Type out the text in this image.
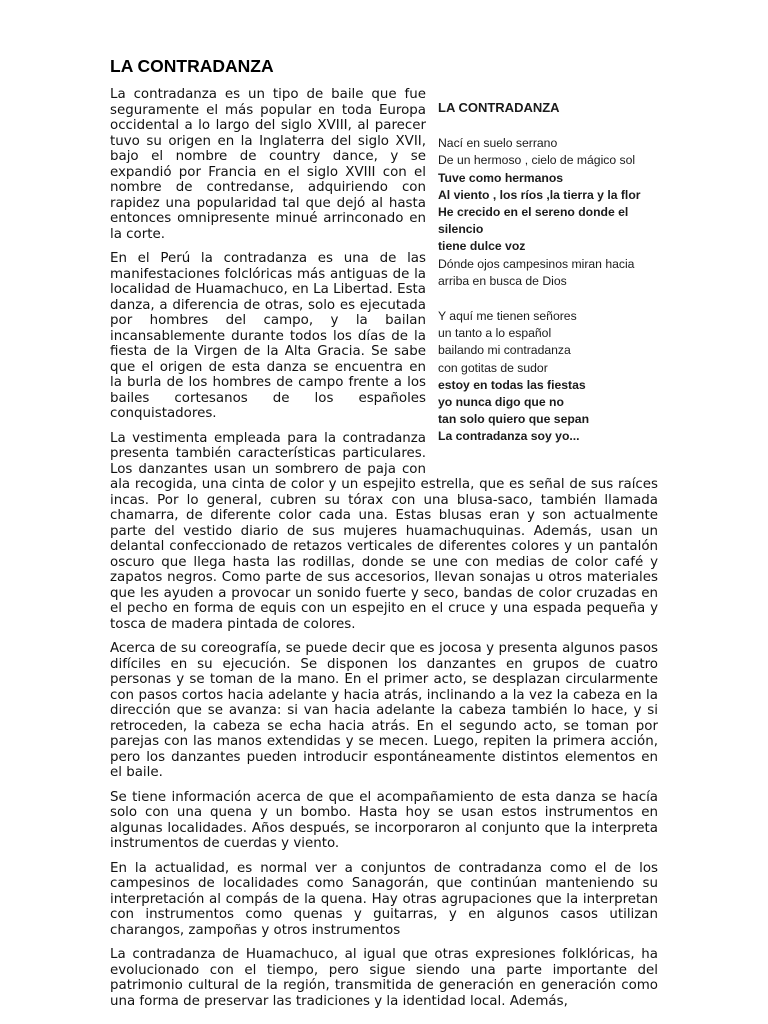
LA CONTRADANZA
LA CONTRADANZA
Nací en suelo serrano
De un hermoso , cielo de mágico sol
Tuve como hermanos
Al viento , los ríos ,la tierra y la flor
He crecido en el sereno donde el
silencio
tiene dulce voz
Dónde ojos campesinos miran hacia
arriba en busca de Dios
Y aquí me tienen señores
un tanto a lo español
bailando mi contradanza
con gotitas de sudor
estoy en todas las fiestas
yo nunca digo que no
tan solo quiero que sepan
La contradanza soy yo...

La contradanza es un tipo de baile que fue seguramente el más popular en toda Europa occidental a lo largo del siglo XVIII, al parecer tuvo su origen en la Inglaterra del siglo XVII, bajo el nombre de country dance, y se expandió por Francia en el siglo XVIII con el nombre de contredanse, adquiriendo con rapidez una popularidad tal que dejó al hasta entonces omnipresente minué arrinconado en la corte.

En el Perú la contradanza es una de las manifestaciones folclóricas más antiguas de la localidad de Huamachuco, en La Libertad. Esta danza, a diferencia de otras, solo es ejecutada por hombres del campo, y la bailan incansablemente durante todos los días de la fiesta de la Virgen de la Alta Gracia. Se sabe que el origen de esta danza se encuentra en la burla de los hombres de campo frente a los bailes cortesanos de los españoles conquistadores.

La vestimenta empleada para la contradanza presenta también características particulares. Los danzantes usan un sombrero de paja con ala recogida, una cinta de color y un espejito estrella, que es señal de sus raíces incas. Por lo general, cubren su tórax con una blusa-saco, también llamada chamarra, de diferente color cada una. Estas blusas eran y son actualmente parte del vestido diario de sus mujeres huamachuquinas. Además, usan un delantal confeccionado de retazos verticales de diferentes colores y un pantalón oscuro que llega hasta las rodillas, donde se une con medias de color café y zapatos negros. Como parte de sus accesorios, llevan sonajas u otros materiales que les ayuden a provocar un sonido fuerte y seco, bandas de color cruzadas en el pecho en forma de equis con un espejito en el cruce y una espada pequeña y tosca de madera pintada de colores.

Acerca de su coreografía, se puede decir que es jocosa y presenta algunos pasos difíciles en su ejecución. Se disponen los danzantes en grupos de cuatro personas y se toman de la mano. En el primer acto, se desplazan circularmente con pasos cortos hacia adelante y hacia atrás, inclinando a la vez la cabeza en la dirección que se avanza: si van hacia adelante la cabeza también lo hace, y si retroceden, la cabeza se echa hacia atrás. En el segundo acto, se toman por parejas con las manos extendidas y se mecen. Luego, repiten la primera acción, pero los danzantes pueden introducir espontáneamente distintos elementos en el baile.

Se tiene información acerca de que el acompañamiento de esta danza se hacía solo con una quena y un bombo. Hasta hoy se usan estos instrumentos en algunas localidades. Años después, se incorporaron al conjunto que la interpreta instrumentos de cuerdas y viento.

En la actualidad, es normal ver a conjuntos de contradanza como el de los campesinos de localidades como Sanagorán, que continúan manteniendo su interpretación al compás de la quena. Hay otras agrupaciones que la interpretan con instrumentos como quenas y guitarras, y en algunos casos utilizan charangos, zampoñas y otros instrumentos

La contradanza de Huamachuco, al igual que otras expresiones folklóricas, ha evolucionado con el tiempo, pero sigue siendo una parte importante del patrimonio cultural de la región, transmitida de generación en generación como una forma de preservar las tradiciones y la identidad local. Además,
